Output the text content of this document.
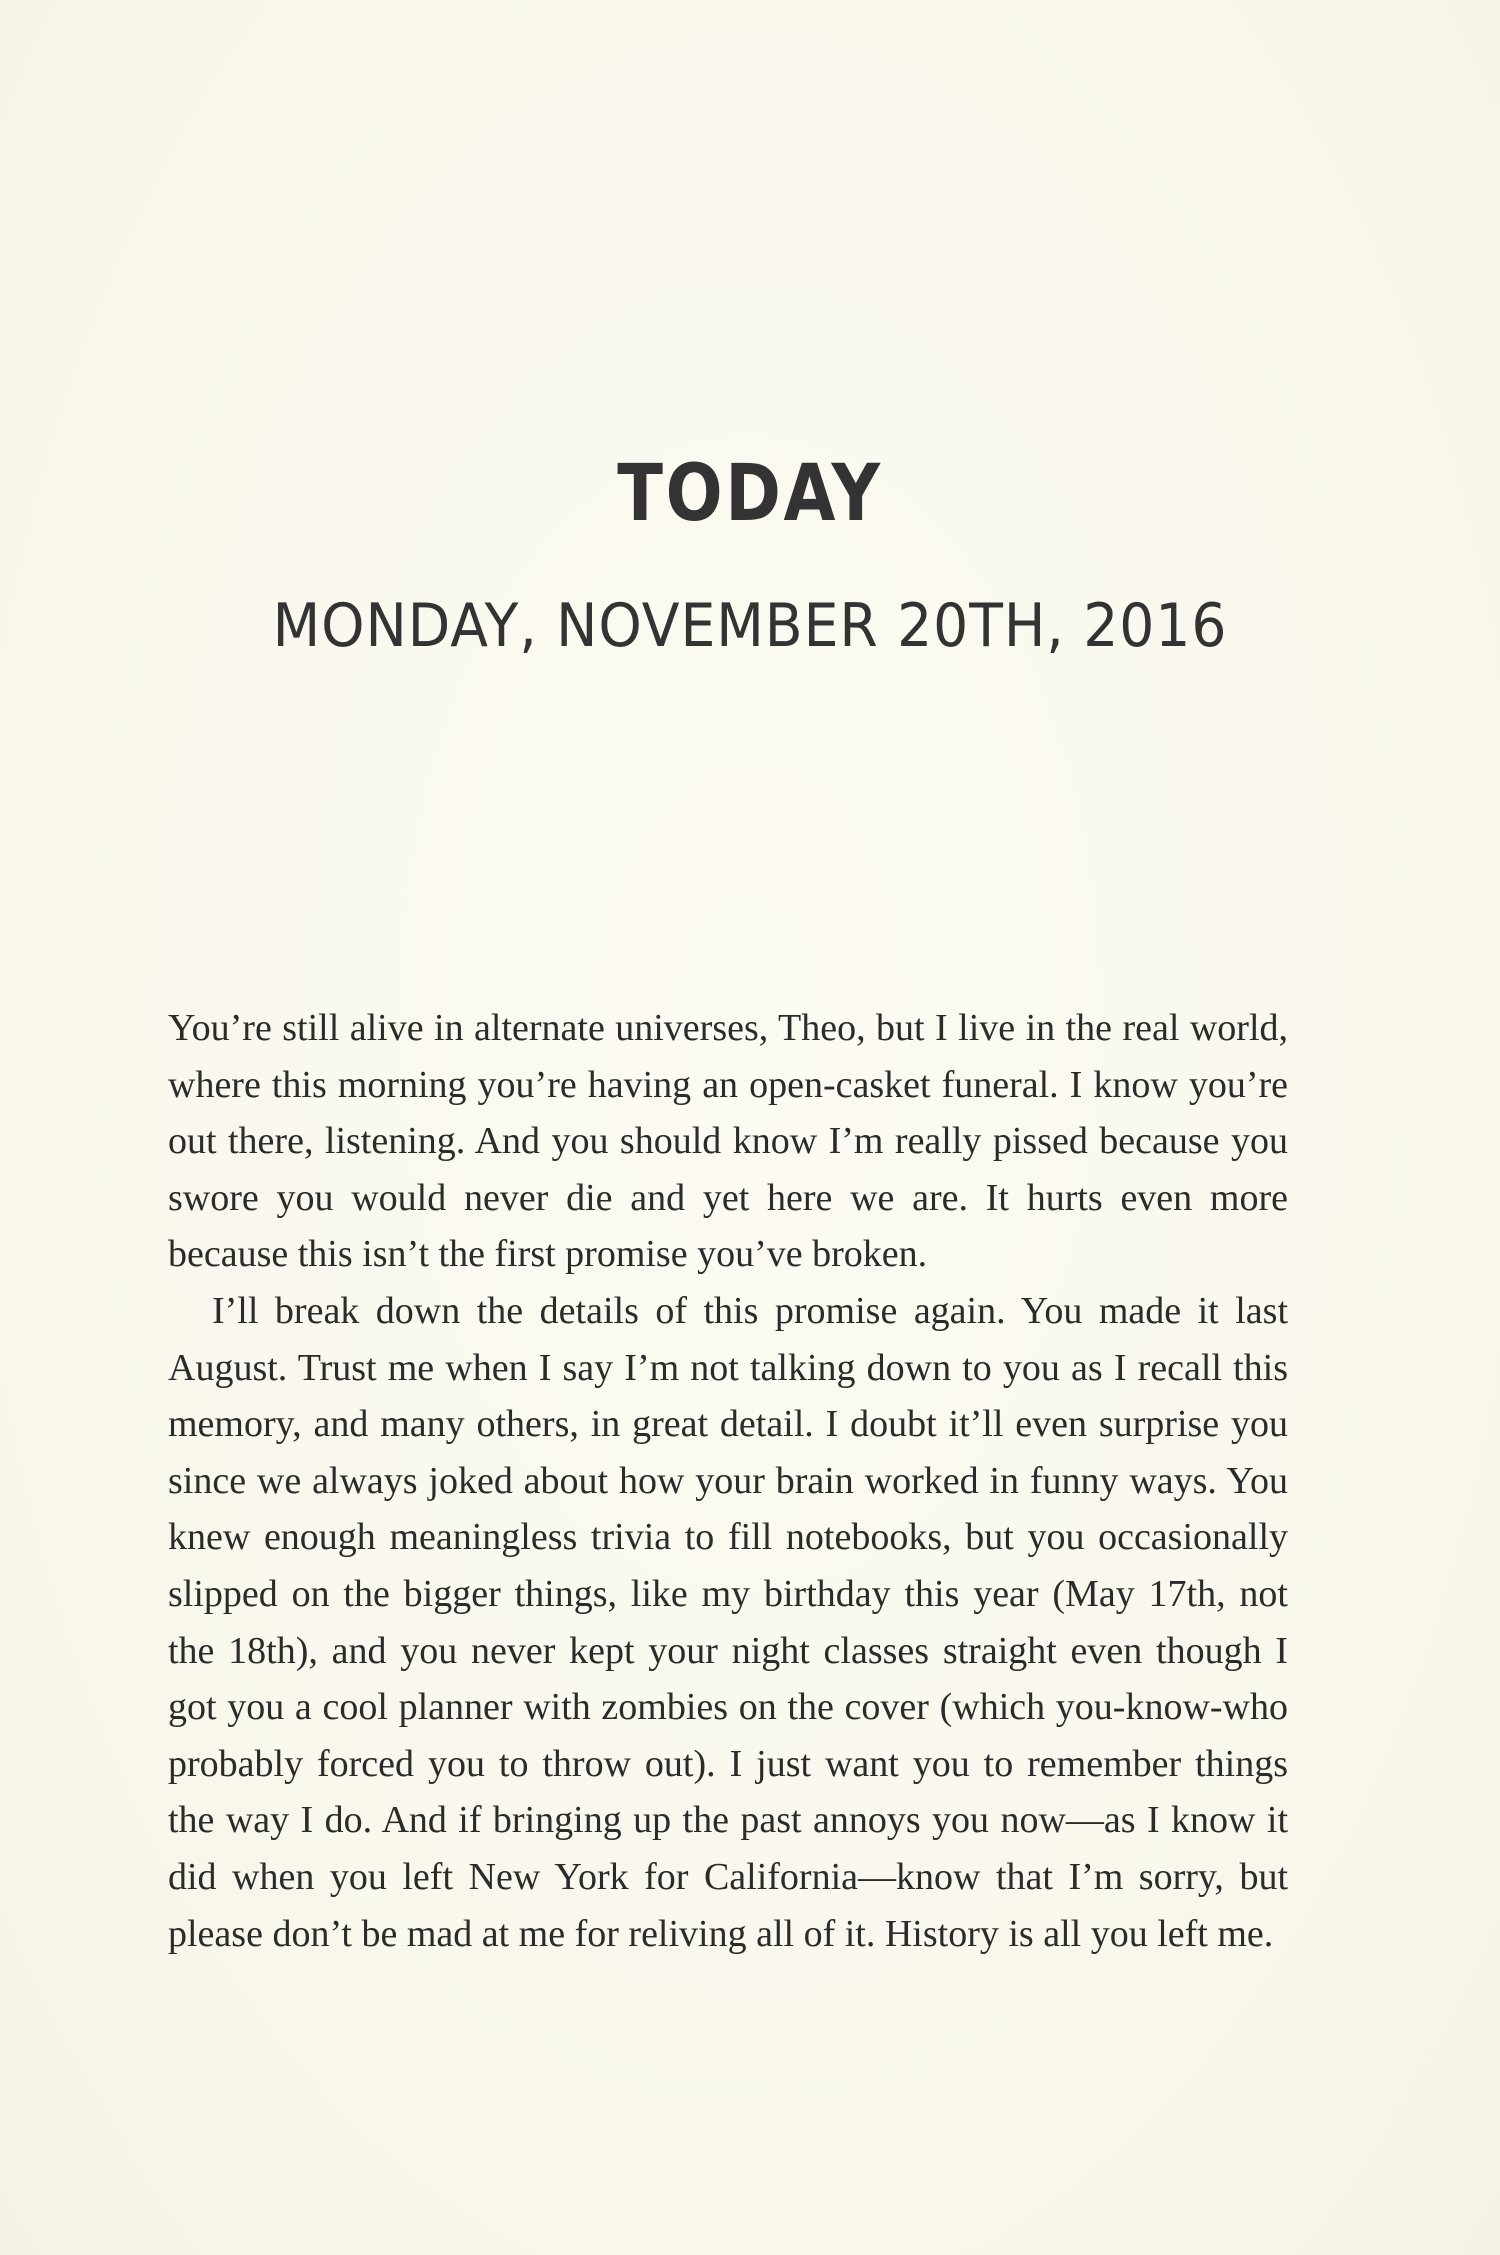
TODAY
MONDAY, NOVEMBER 20TH, 2016

You’re still alive in alternate universes, Theo, but I live in the real world, where this morning you’re having an open-casket funeral. I know you’re out there, listening. And you should know I’m really pissed because you swore you would never die and yet here we are. It hurts even more because this isn’t the first promise you’ve broken.

I’ll break down the details of this promise again. You made it last August. Trust me when I say I’m not talking down to you as I recall this memory, and many others, in great detail. I doubt it’ll even surprise you since we always joked about how your brain worked in funny ways. You knew enough meaningless trivia to fill notebooks, but you occasionally slipped on the bigger things, like my birthday this year (May 17th, not the 18th), and you never kept your night classes straight even though I got you a cool planner with zombies on the cover (which you-know-who probably forced you to throw out). I just want you to remember things the way I do. And if bringing up the past annoys you now—as I know it did when you left New York for California—know that I’m sorry, but please don’t be mad at me for reliving all of it. History is all you left me.
